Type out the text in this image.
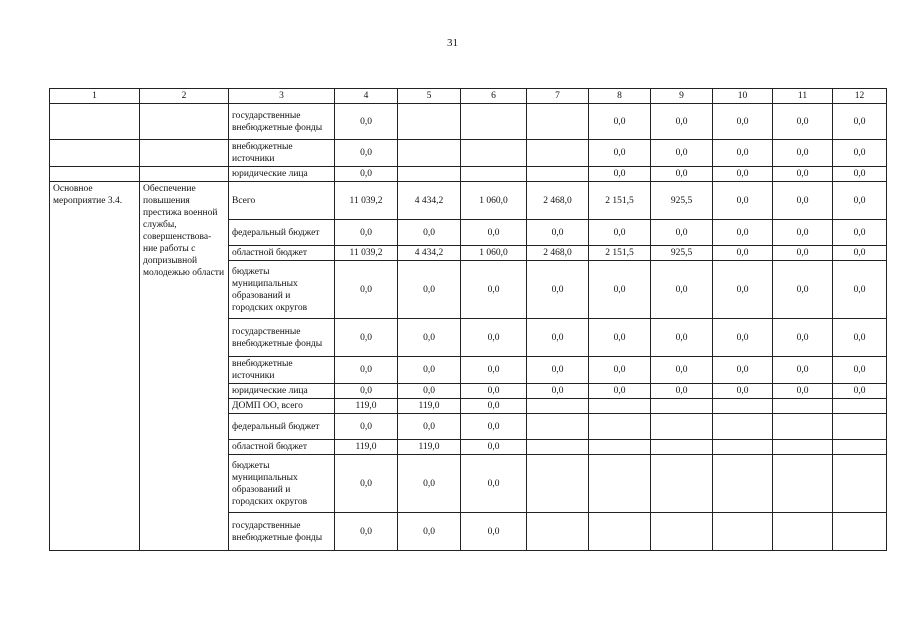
31
1	2	3	4	5	6	7	8	9	10	11	12
		государственные внебюджетные фонды	0,0				0,0	0,0	0,0	0,0	0,0
		внебюджетные источники	0,0				0,0	0,0	0,0	0,0	0,0
		юридические лица	0,0				0,0	0,0	0,0	0,0	0,0
Основное мероприятие 3.4.	Обеспечение повышения престижа военной службы, совершенствова-ние работы с допризывной молодежью области	Всего	11 039,2	4 434,2	1 060,0	2 468,0	2 151,5	925,5	0,0	0,0	0,0
		федеральный бюджет	0,0	0,0	0,0	0,0	0,0	0,0	0,0	0,0	0,0
		областной бюджет	11 039,2	4 434,2	1 060,0	2 468,0	2 151,5	925,5	0,0	0,0	0,0
		бюджеты муниципальных образований и городских округов	0,0	0,0	0,0	0,0	0,0	0,0	0,0	0,0	0,0
		государственные внебюджетные фонды	0,0	0,0	0,0	0,0	0,0	0,0	0,0	0,0	0,0
		внебюджетные источники	0,0	0,0	0,0	0,0	0,0	0,0	0,0	0,0	0,0
		юридические лица	0,0	0,0	0,0	0,0	0,0	0,0	0,0	0,0	0,0
		ДОМП ОО, всего	119,0	119,0	0,0						
		федеральный бюджет	0,0	0,0	0,0						
		областной бюджет	119,0	119,0	0,0						
		бюджеты муниципальных образований и городских округов	0,0	0,0	0,0						
		государственные внебюджетные фонды	0,0	0,0	0,0						
